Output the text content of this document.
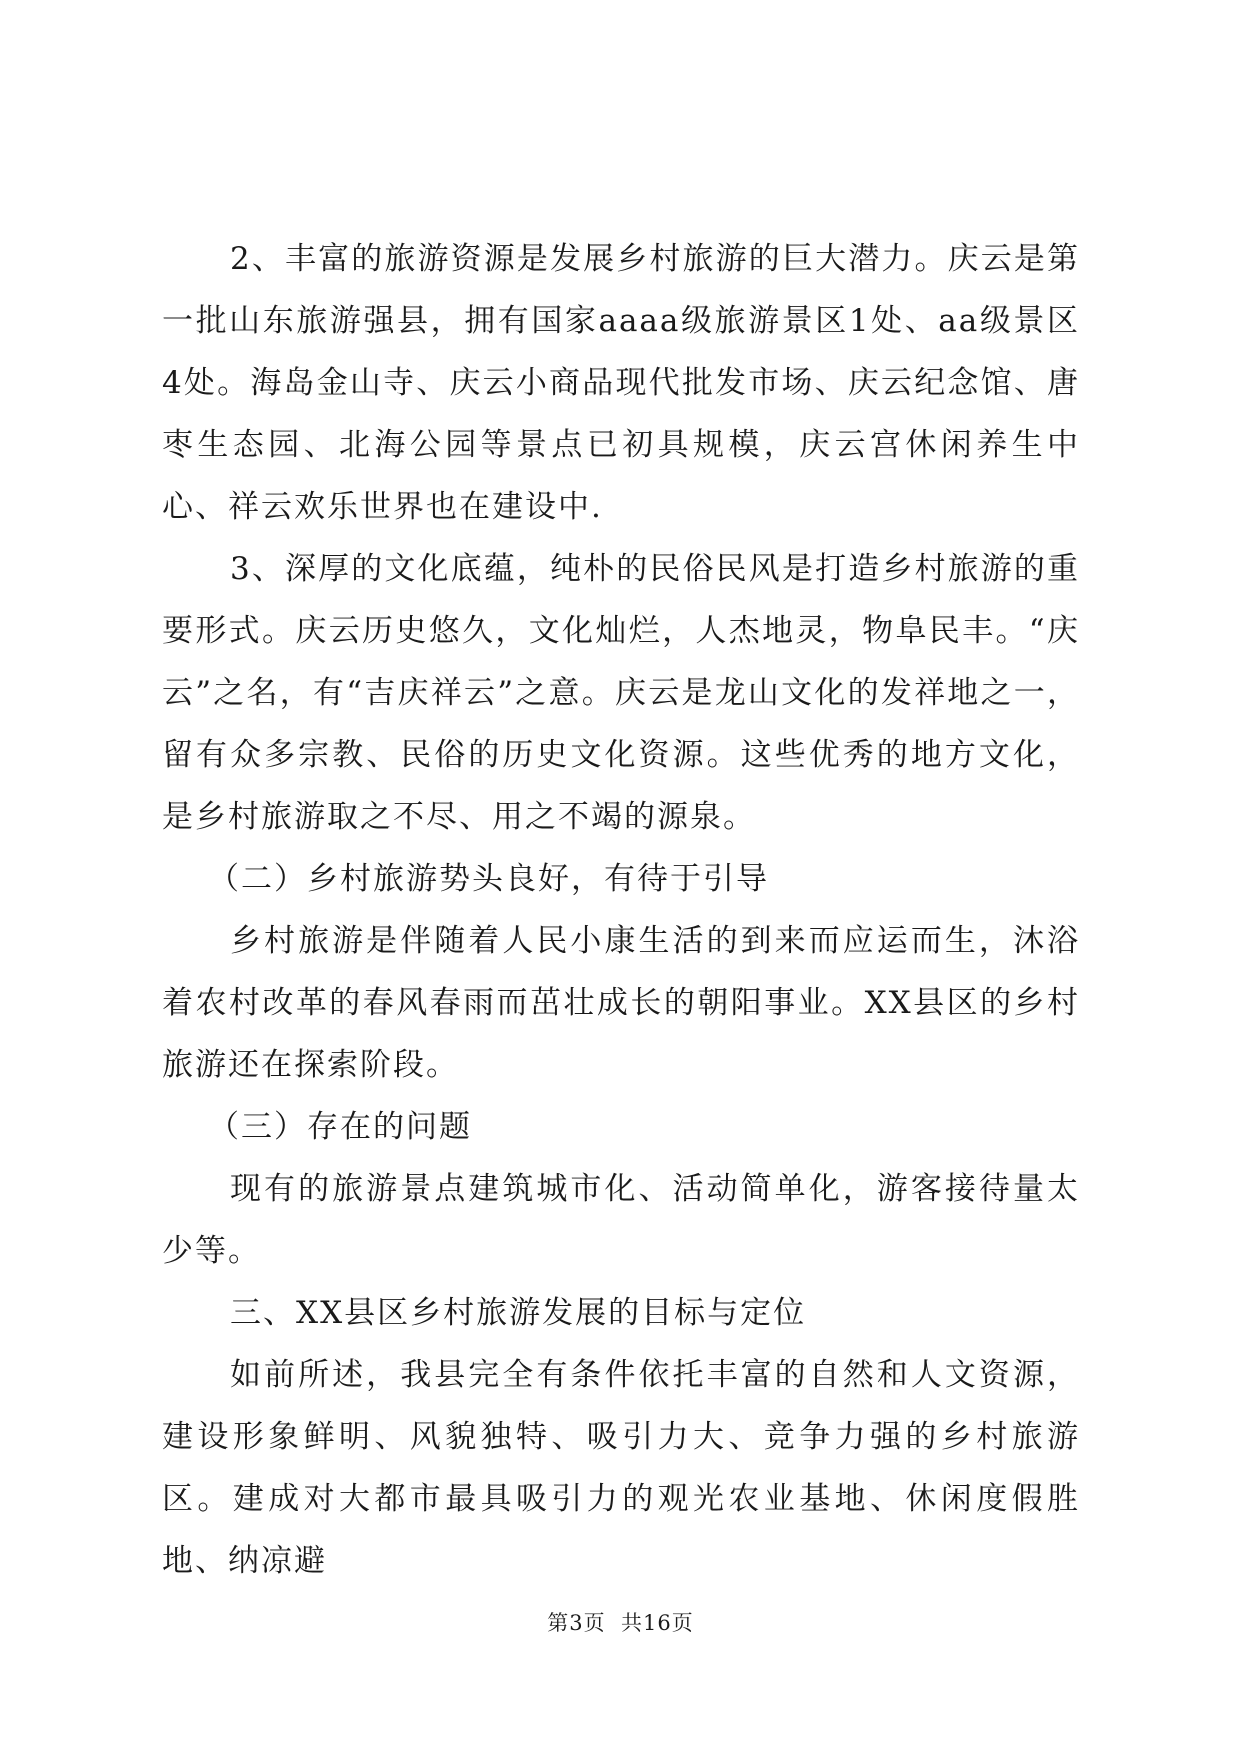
2、丰富的旅游资源是发展乡村旅游的巨大潜力。庆云是第一批山东旅游强县，拥有国家aaaa级旅游景区1处、aa级景区4处。海岛金山寺、庆云小商品现代批发市场、庆云纪念馆、唐枣生态园、北海公园等景点已初具规模，庆云宫休闲养生中心、祥云欢乐世界也在建设中.

3、深厚的文化底蕴，纯朴的民俗民风是打造乡村旅游的重要形式。庆云历史悠久，文化灿烂，人杰地灵，物阜民丰。“庆云”之名，有“吉庆祥云”之意。庆云是龙山文化的发祥地之一，留有众多宗教、民俗的历史文化资源。这些优秀的地方文化，是乡村旅游取之不尽、用之不竭的源泉。

（二）乡村旅游势头良好，有待于引导

乡村旅游是伴随着人民小康生活的到来而应运而生，沐浴着农村改革的春风春雨而茁壮成长的朝阳事业。XX县区的乡村旅游还在探索阶段。

（三）存在的问题

现有的旅游景点建筑城市化、活动简单化，游客接待量太少等。

三、XX县区乡村旅游发展的目标与定位

如前所述，我县完全有条件依托丰富的自然和人文资源，建设形象鲜明、风貌独特、吸引力大、竞争力强的乡村旅游区。建成对大都市最具吸引力的观光农业基地、休闲度假胜地、纳凉避

第3页  共16页
